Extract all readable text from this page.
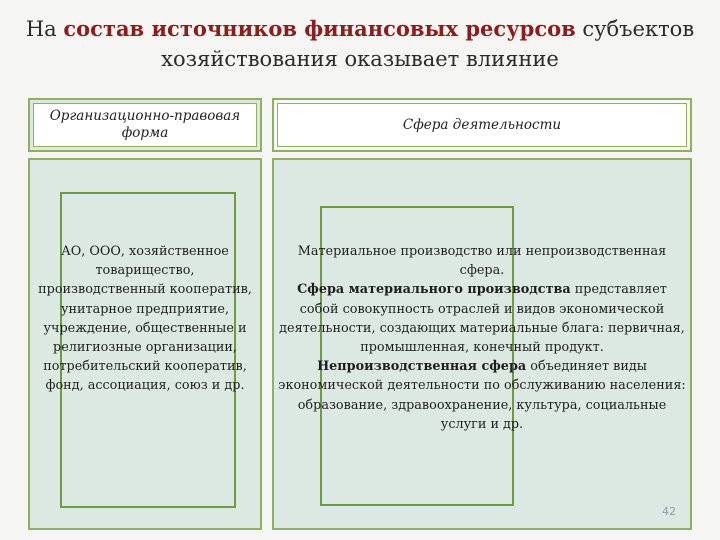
На состав источников финансовых ресурсов субъектов хозяйствования оказывает влияние
Организационно-правовая форма
Сфера деятельности
АО, ООО, хозяйственное товарищество, производственный кооператив, унитарное предприятие, учреждение, общественные и религиозные организации, потребительский кооператив, фонд, ассоциация, союз и др.
Материальное производство или непроизводственная сфера.
Сфера материального производства представляет собой совокупность отраслей и видов экономической деятельности, создающих материальные блага: первичная, промышленная, конечный продукт.
Непроизводственная сфера объединяет виды экономической деятельности по обслуживанию населения: образование, здравоохранение, культура, социальные услуги и др.
42
